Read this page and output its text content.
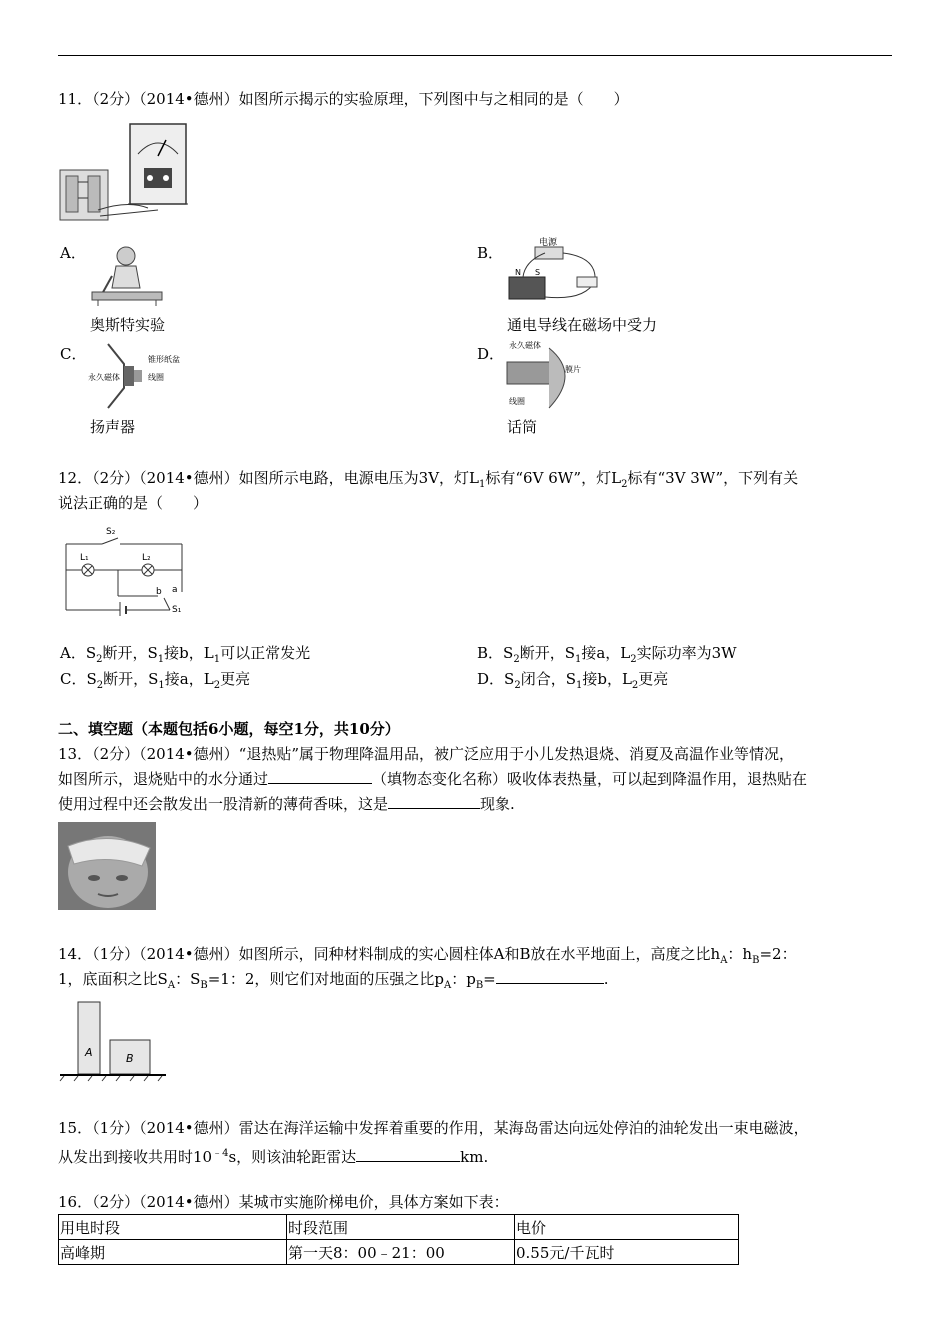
11．（2分）（2014•德州）如图所示揭示的实验原理，下列图中与之相同的是（　　）
A．
奥斯特实验
B．
电源
N S
通电导线在磁场中受力
C．
永久磁体	线圈
锥形纸盆
扬声器
D． 永久磁体
膜片
线圈
话筒
12．（2分）（2014•德州）如图所示电路，电源电压为3V，灯$L_1$标有“6V 6W”，灯$L_2$标有“3V 3W”，下列有关
说法正确的是（　　）
S₂
L₁	L₂
b a
S₁
A．$S_2$断开，$S_1$接b，$L_1$可以正常发光	B．$S_2$断开，$S_1$接a，$L_2$实际功率为3W
C．$S_2$断开，$S_1$接a，$L_2$更亮	D．$S_2$闭合，$S_1$接b，$L_2$更亮
二、填空题（本题包括6小题，每空1分，共10分）
13．（2分）（2014•德州）“退热贴”属于物理降温用品，被广泛应用于小儿发热退烧、消夏及高温作业等情况，
如图所示，退烧贴中的水分通过	（填物态变化名称）吸收体表热量，可以起到降温作用，退热贴在
使用过程中还会散发出一股清新的薄荷香味，这是	现象.
14．（1分）（2014•德州）如图所示，同种材料制成的实心圆柱体A和B放在水平地面上，高度之比$h_A$：$h_B=2$：
1，底面积之比$S_A$：$S_B=1$：2，则它们对地面的压强之比$p_A$：$p_B=$	.
A	B
15．（1分）（2014•德州）雷达在海洋运输中发挥着重要的作用，某海岛雷达向远处停泊的油轮发出一束电磁波，
从发出到接收共用时$10^{﹣4}s$，则该油轮距雷达	km.
16．（2分）（2014•德州）某城市实施阶梯电价，具体方案如下表：
用电时段	时段范围	电价
高峰期	第一天8：00﹣21：00	0.55元/千瓦时
